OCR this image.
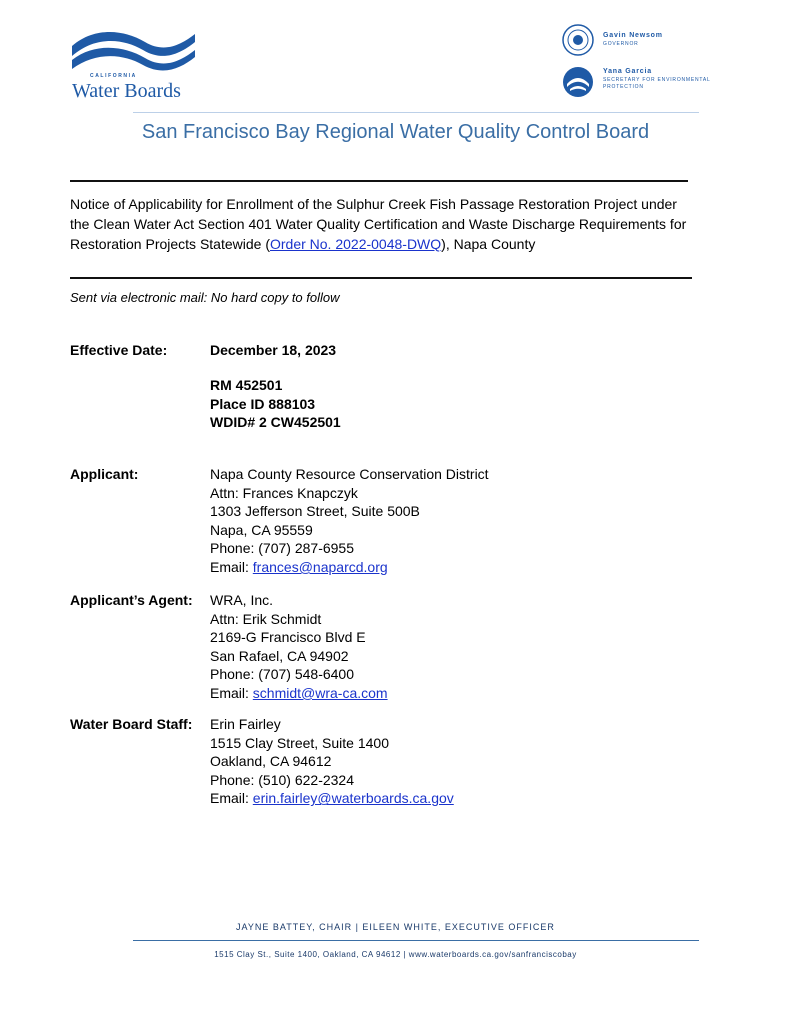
CALIFORNIA
Water Boards
Gavin Newsom
GOVERNOR
Yana Garcia
SECRETARY FOR ENVIRONMENTAL PROTECTION
San Francisco Bay Regional Water Quality Control Board
Notice of Applicability for Enrollment of the Sulphur Creek Fish Passage Restoration Project under the Clean Water Act Section 401 Water Quality Certification and Waste Discharge Requirements for Restoration Projects Statewide (Order No. 2022-0048-DWQ), Napa County
Sent via electronic mail: No hard copy to follow
Effective Date:	December 18, 2023
RM 452501
Place ID 888103
WDID# 2 CW452501
Applicant:	Napa County Resource Conservation District
Attn: Frances Knapczyk
1303 Jefferson Street, Suite 500B
Napa, CA 95559
Phone: (707) 287-6955
Email: frances@naparcd.org
Applicant’s Agent: WRA, Inc.
Attn: Erik Schmidt
2169-G Francisco Blvd E
San Rafael, CA 94902
Phone: (707) 548-6400
Email: schmidt@wra-ca.com
Water Board Staff: Erin Fairley
1515 Clay Street, Suite 1400
Oakland, CA 94612
Phone: (510) 622-2324
Email: erin.fairley@waterboards.ca.gov
JAYNE BATTEY, CHAIR | EILEEN WHITE, EXECUTIVE OFFICER
1515 Clay St., Suite 1400, Oakland, CA 94612 | www.waterboards.ca.gov/sanfranciscobay
